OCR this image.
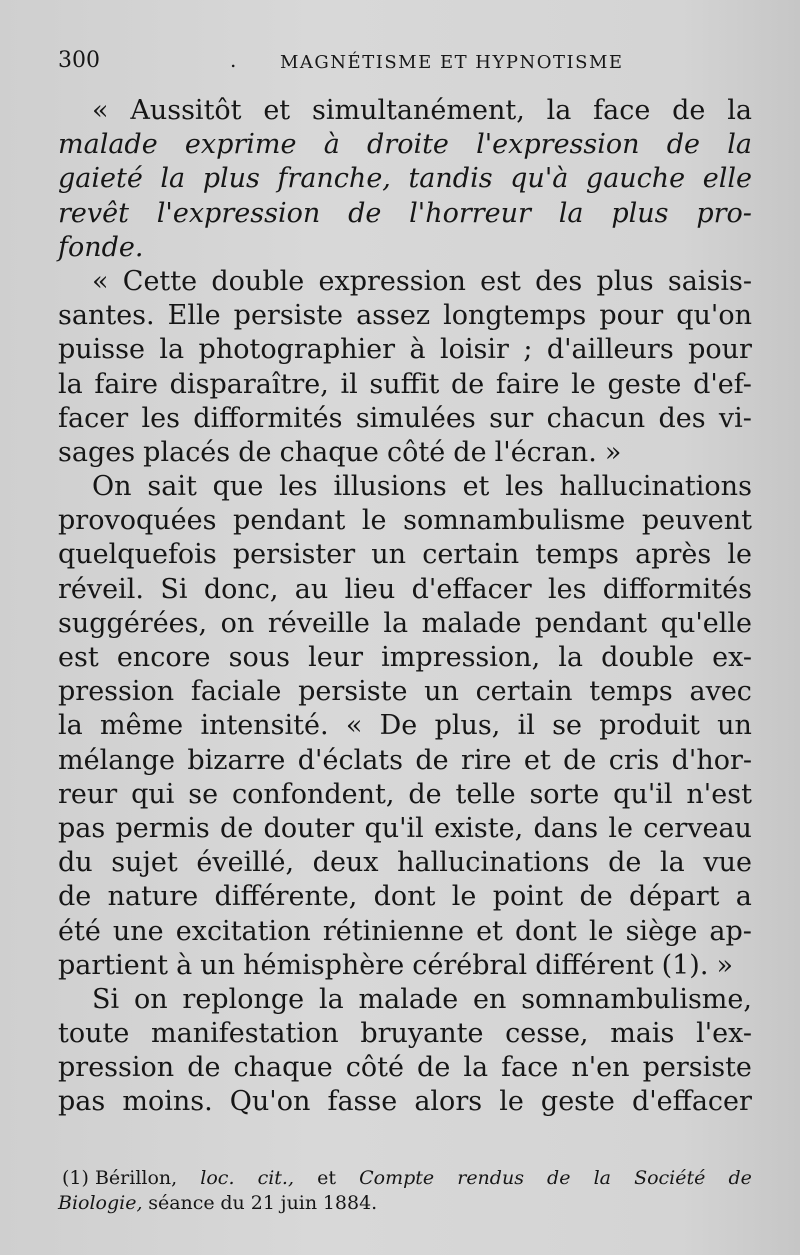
300	. MAGNÉTISME ET HYPNOTISME
« Aussitôt et simultanément, la face de la
malade exprime à droite l'expression de la
gaieté la plus franche, tandis qu'à gauche elle
revêt l'expression de l'horreur la plus pro-
fonde.
« Cette double expression est des plus saisis-
santes. Elle persiste assez longtemps pour qu'on
puisse la photographier à loisir ; d'ailleurs pour
la faire disparaître, il suffit de faire le geste d'ef-
facer les difformités simulées sur chacun des vi-
sages placés de chaque côté de l'écran. »
On sait que les illusions et les hallucinations
provoquées pendant le somnambulisme peuvent
quelquefois persister un certain temps après le
réveil. Si donc, au lieu d'effacer les difformités
suggérées, on réveille la malade pendant qu'elle
est encore sous leur impression, la double ex-
pression faciale persiste un certain temps avec
la même intensité. « De plus, il se produit un
mélange bizarre d'éclats de rire et de cris d'hor-
reur qui se confondent, de telle sorte qu'il n'est
pas permis de douter qu'il existe, dans le cerveau
du sujet éveillé, deux hallucinations de la vue
de nature différente, dont le point de départ a
été une excitation rétinienne et dont le siège ap-
partient à un hémisphère cérébral différent (1). »
Si on replonge la malade en somnambulisme,
toute manifestation bruyante cesse, mais l'ex-
pression de chaque côté de la face n'en persiste
pas moins. Qu'on fasse alors le geste d'effacer
(1) Bérillon, loc. cit., et Compte rendus de la Société de
Biologie, séance du 21 juin 1884.
